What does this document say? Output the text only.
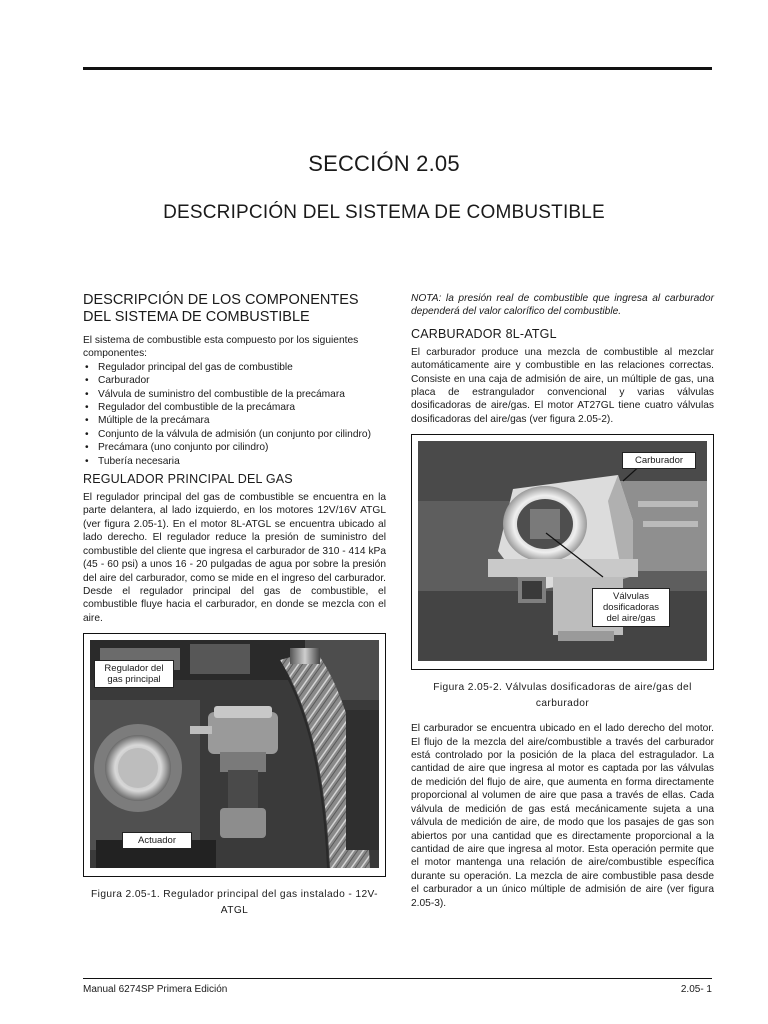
SECCIÓN 2.05
DESCRIPCIÓN DEL SISTEMA DE COMBUSTIBLE
DESCRIPCIÓN DE LOS COMPONENTES DEL SISTEMA DE COMBUSTIBLE

El sistema de combustible esta compuesto por los siguientes componentes:

• Regulador principal del gas de combustible
• Carburador
• Válvula de suministro del combustible de la precámara
• Regulador del combustible de la precámara
• Múltiple de la precámara
• Conjunto de la válvula de admisión (un conjunto por cilindro)
• Precámara (uno conjunto por cilindro)
• Tubería necesaria
REGULADOR PRINCIPAL DEL GAS

El regulador principal del gas de combustible se encuentra en la parte delantera, al lado izquierdo, en los motores 12V/16V ATGL (ver figura 2.05-1). En el motor 8L-ATGL se encuentra ubicado al lado derecho. El regulador reduce la presión de suministro del combustible del cliente que ingresa el carburador de 310 - 414 kPa (45 - 60 psi) a unos 16 - 20 pulgadas de agua por sobre la presión del aire del carburador, como se mide en el ingreso del carburador. Desde el regulador principal del gas de combustible, el combustible fluye hacia el carburador, en donde se mezcla con el aire.

Regulador del gas principal
Actuador
Figura 2.05-1. Regulador principal del gas instalado - 12V-ATGL

NOTA: la presión real de combustible que ingresa al carburador dependerá del valor calorífico del combustible.

CARBURADOR 8L-ATGL

El carburador produce una mezcla de combustible al mezclar automáticamente aire y combustible en las relaciones correctas. Consiste en una caja de admisión de aire, un múltiple de gas, una placa de estrangulador convencional y varias válvulas dosificadoras de aire/gas. El motor AT27GL tiene cuatro válvulas dosificadoras del aire/gas (ver figura 2.05-2).

Carburador
Válvulas dosificadoras del aire/gas
Figura 2.05-2. Válvulas dosificadoras de aire/gas del carburador

El carburador se encuentra ubicado en el lado derecho del motor. El flujo de la mezcla del aire/combustible a través del carburador está controlado por la posición de la placa del estragulador. La cantidad de aire que ingresa al motor es captada por las válvulas de medición del flujo de aire, que aumenta en forma directamente proporcional al volumen de aire que pasa a través de ellas. Cada válvula de medición de gas está mecánicamente sujeta a una válvula de medición de aire, de modo que los pasajes de gas son abiertos por una cantidad que es directamente proporcional a la cantidad de aire que ingresa al motor. Esta operación permite que el motor mantenga una relación de aire/combustible específica durante su operación. La mezcla de aire combustible pasa desde el carburador a un único múltiple de admisión de aire (ver figura 2.05-3).

Manual 6274SP Primera Edición	2.05- 1
